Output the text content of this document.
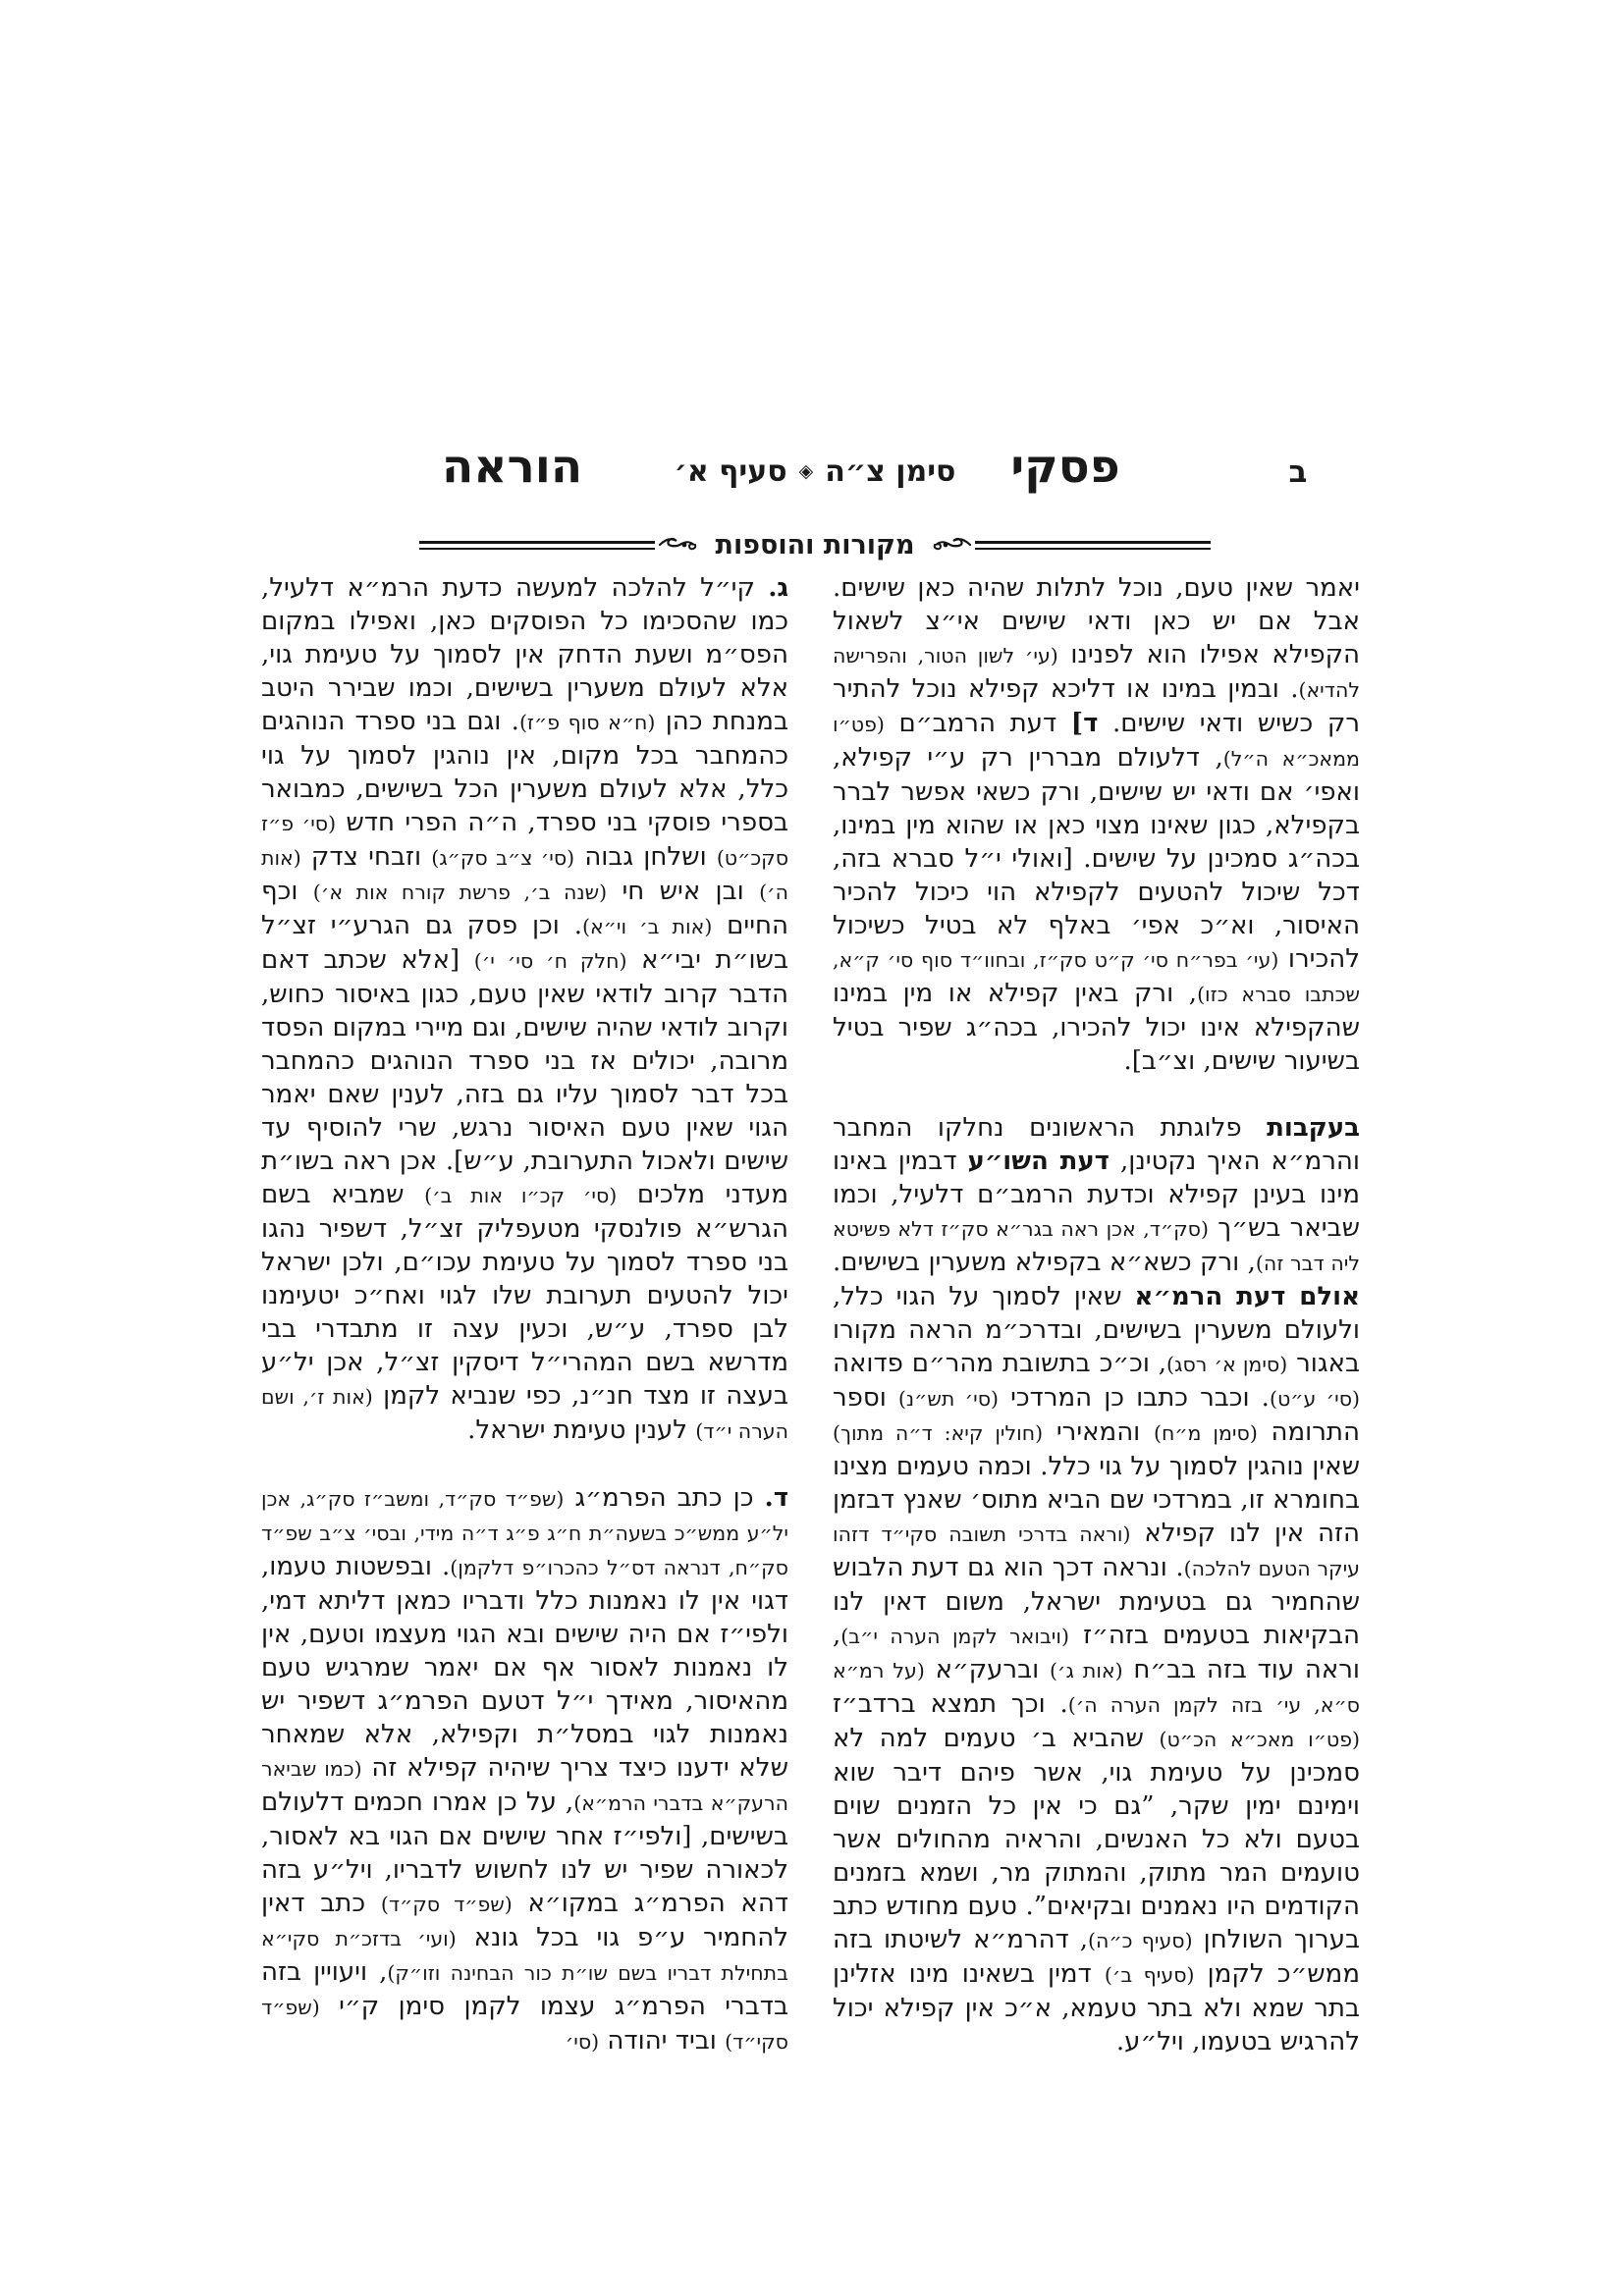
ב
פסקי
סימן צ״ה◈סעיף א׳
הוראה
מקורות והוספות

יאמר שאין טעם, נוכל לתלות שהיה כאן שישים. אבל אם יש כאן ודאי שישים אי״צ לשאול הקפילא אפילו הוא לפנינו (עי׳ לשון הטור, והפרישה להדיא). ובמין במינו או דליכא קפילא נוכל להתיר רק כשיש ודאי שישים. ד] דעת הרמב״ם (פט״ו ממאכ״א ה״ל), דלעולם מבררין רק ע״י קפילא, ואפי׳ אם ודאי יש שישים, ורק כשאי אפשר לברר בקפילא, כגון שאינו מצוי כאן או שהוא מין במינו, בכה״ג סמכינן על שישים. [ואולי י״ל סברא בזה, דכל שיכול להטעים לקפילא הוי כיכול להכיר האיסור, וא״כ אפי׳ באלף לא בטיל כשיכול להכירו (עי׳ בפר״ח סי׳ ק״ט סק״ז, ובחוו״ד סוף סי׳ ק״א, שכתבו סברא כזו), ורק באין קפילא או מין במינו שהקפילא אינו יכול להכירו, בכה״ג שפיר בטיל בשיעור שישים, וצ״ב].

בעקבות פלוגתת הראשונים נחלקו המחבר והרמ״א האיך נקטינן, דעת השו״ע דבמין באינו מינו בעינן קפילא וכדעת הרמב״ם דלעיל, וכמו שביאר בש״ך (סק״ד, אכן ראה בגר״א סק״ז דלא פשיטא ליה דבר זה), ורק כשא״א בקפילא משערין בשישים. אולם דעת הרמ״א שאין לסמוך על הגוי כלל, ולעולם משערין בשישים, ובדרכ״מ הראה מקורו באגור (סימן א׳ רסג), וכ״כ בתשובת מהר״ם פדואה (סי׳ ע״ט). וכבר כתבו כן המרדכי (סי׳ תש״נ) וספר התרומה (סימן מ״ח) והמאירי (חולין קיא: ד״ה מתוך) שאין נוהגין לסמוך על גוי כלל. וכמה טעמים מצינו בחומרא זו, במרדכי שם הביא מתוס׳ שאנץ דבזמן הזה אין לנו קפילא (וראה בדרכי תשובה סקי״ד דזהו עיקר הטעם להלכה). ונראה דכך הוא גם דעת הלבוש שהחמיר גם בטעימת ישראל, משום דאין לנו הבקיאות בטעמים בזה״ז (ויבואר לקמן הערה י״ב), וראה עוד בזה בב״ח (אות ג׳) וברעק״א (על רמ״א ס״א, עי׳ בזה לקמן הערה ה׳). וכך תמצא ברדב״ז (פט״ו מאכ״א הכ״ט) שהביא ב׳ טעמים למה לא סמכינן על טעימת גוי, אשר פיהם דיבר שוא וימינם ימין שקר, ”גם כי אין כל הזמנים שוים בטעם ולא כל האנשים, והראיה מהחולים אשר טועמים המר מתוק, והמתוק מר, ושמא בזמנים הקודמים היו נאמנים ובקיאים”. טעם מחודש כתב בערוך השולחן (סעיף כ״ה), דהרמ״א לשיטתו בזה ממש״כ לקמן (סעיף ב׳) דמין בשאינו מינו אזלינן בתר שמא ולא בתר טעמא, א״כ אין קפילא יכול להרגיש בטעמו, ויל״ע.

ג. קי״ל להלכה למעשה כדעת הרמ״א דלעיל, כמו שהסכימו כל הפוסקים כאן, ואפילו במקום הפס״מ ושעת הדחק אין לסמוך על טעימת גוי, אלא לעולם משערין בשישים, וכמו שבירר היטב במנחת כהן (ח״א סוף פ״ז). וגם בני ספרד הנוהגים כהמחבר בכל מקום, אין נוהגין לסמוך על גוי כלל, אלא לעולם משערין הכל בשישים, כמבואר בספרי פוסקי בני ספרד, ה״ה הפרי חדש (סי׳ פ״ז סקכ״ט) ושלחן גבוה (סי׳ צ״ב סק״ג) וזבחי צדק (אות ה׳) ובן איש חי (שנה ב׳, פרשת קורח אות א׳) וכף החיים (אות ב׳ וי״א). וכן פסק גם הגרע״י זצ״ל בשו״ת יבי״א (חלק ח׳ סי׳ י׳) [אלא שכתב דאם הדבר קרוב לודאי שאין טעם, כגון באיסור כחוש, וקרוב לודאי שהיה שישים, וגם מיירי במקום הפסד מרובה, יכולים אז בני ספרד הנוהגים כהמחבר בכל דבר לסמוך עליו גם בזה, לענין שאם יאמר הגוי שאין טעם האיסור נרגש, שרי להוסיף עד שישים ולאכול התערובת, ע״ש]. אכן ראה בשו״ת מעדני מלכים (סי׳ קכ״ו אות ב׳) שמביא בשם הגרש״א פולנסקי מטעפליק זצ״ל, דשפיר נהגו בני ספרד לסמוך על טעימת עכו״ם, ולכן ישראל יכול להטעים תערובת שלו לגוי ואח״כ יטעימנו לבן ספרד, ע״ש, וכעין עצה זו מתבדרי בבי מדרשא בשם המהרי״ל דיסקין זצ״ל, אכן יל״ע בעצה זו מצד חנ״נ, כפי שנביא לקמן (אות ז׳, ושם הערה י״ד) לענין טעימת ישראל.

ד. כן כתב הפרמ״ג (שפ״ד סק״ד, ומשב״ז סק״ג, אכן יל״ע ממש״כ בשעה״ת ח״ג פ״ג ד״ה מידי, ובסי׳ צ״ב שפ״ד סק״ח, דנראה דס״ל כהכרו״פ דלקמן). ובפשטות טעמו, דגוי אין לו נאמנות כלל ודבריו כמאן דליתא דמי, ולפי״ז אם היה שישים ובא הגוי מעצמו וטעם, אין לו נאמנות לאסור אף אם יאמר שמרגיש טעם מהאיסור, מאידך י״ל דטעם הפרמ״ג דשפיר יש נאמנות לגוי במסל״ת וקפילא, אלא שמאחר שלא ידענו כיצד צריך שיהיה קפילא זה (כמו שביאר הרעק״א בדברי הרמ״א), על כן אמרו חכמים דלעולם בשישים, [ולפי״ז אחר שישים אם הגוי בא לאסור, לכאורה שפיר יש לנו לחשוש לדבריו, ויל״ע בזה דהא הפרמ״ג במקו״א (שפ״ד סק״ד) כתב דאין להחמיר ע״פ גוי בכל גונא (ועי׳ בדזכ״ת סקי״א בתחילת דבריו בשם שו״ת כור הבחינה וזו״ק), ויעויין בזה בדברי הפרמ״ג עצמו לקמן סימן ק״י (שפ״ד סקי״ד) וביד יהודה (סי׳
